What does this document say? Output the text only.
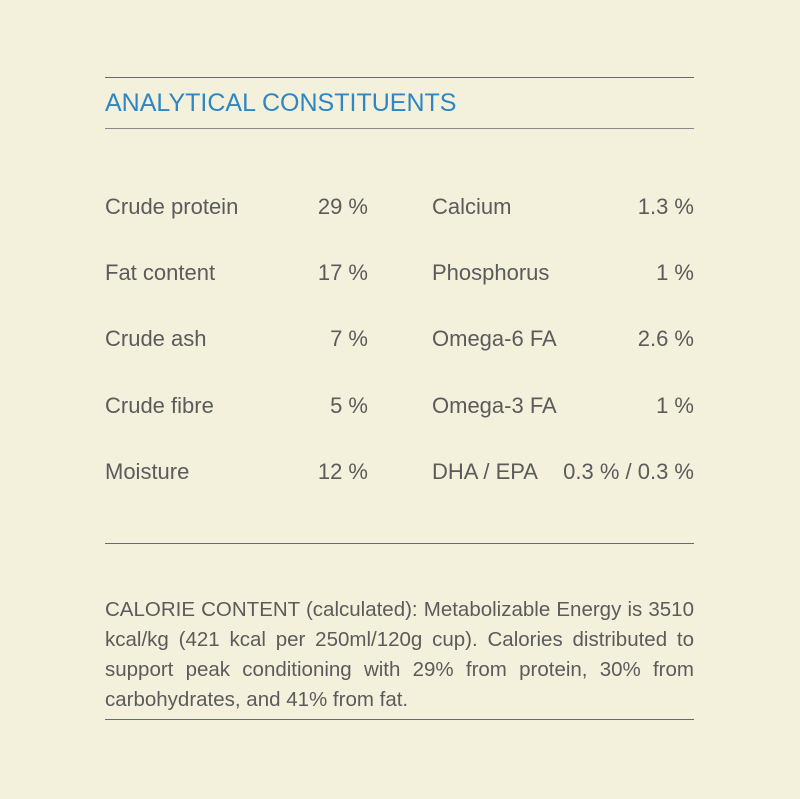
ANALYTICAL CONSTITUENTS
Crude protein	29 %	Calcium	1.3 %
Fat content	17 %	Phosphorus	1 %
Crude ash	7 %	Omega-6 FA	2.6 %
Crude fibre	5 %	Omega-3 FA	1 %
Moisture	12 %	DHA / EPA 0.3 % / 0.3 %

CALORIE CONTENT (calculated): Metabolizable Energy is 3510 kcal/kg (421 kcal per 250ml/120g cup). Calories distributed to support peak conditioning with 29% from protein, 30% from carbohydrates, and 41% from fat.
